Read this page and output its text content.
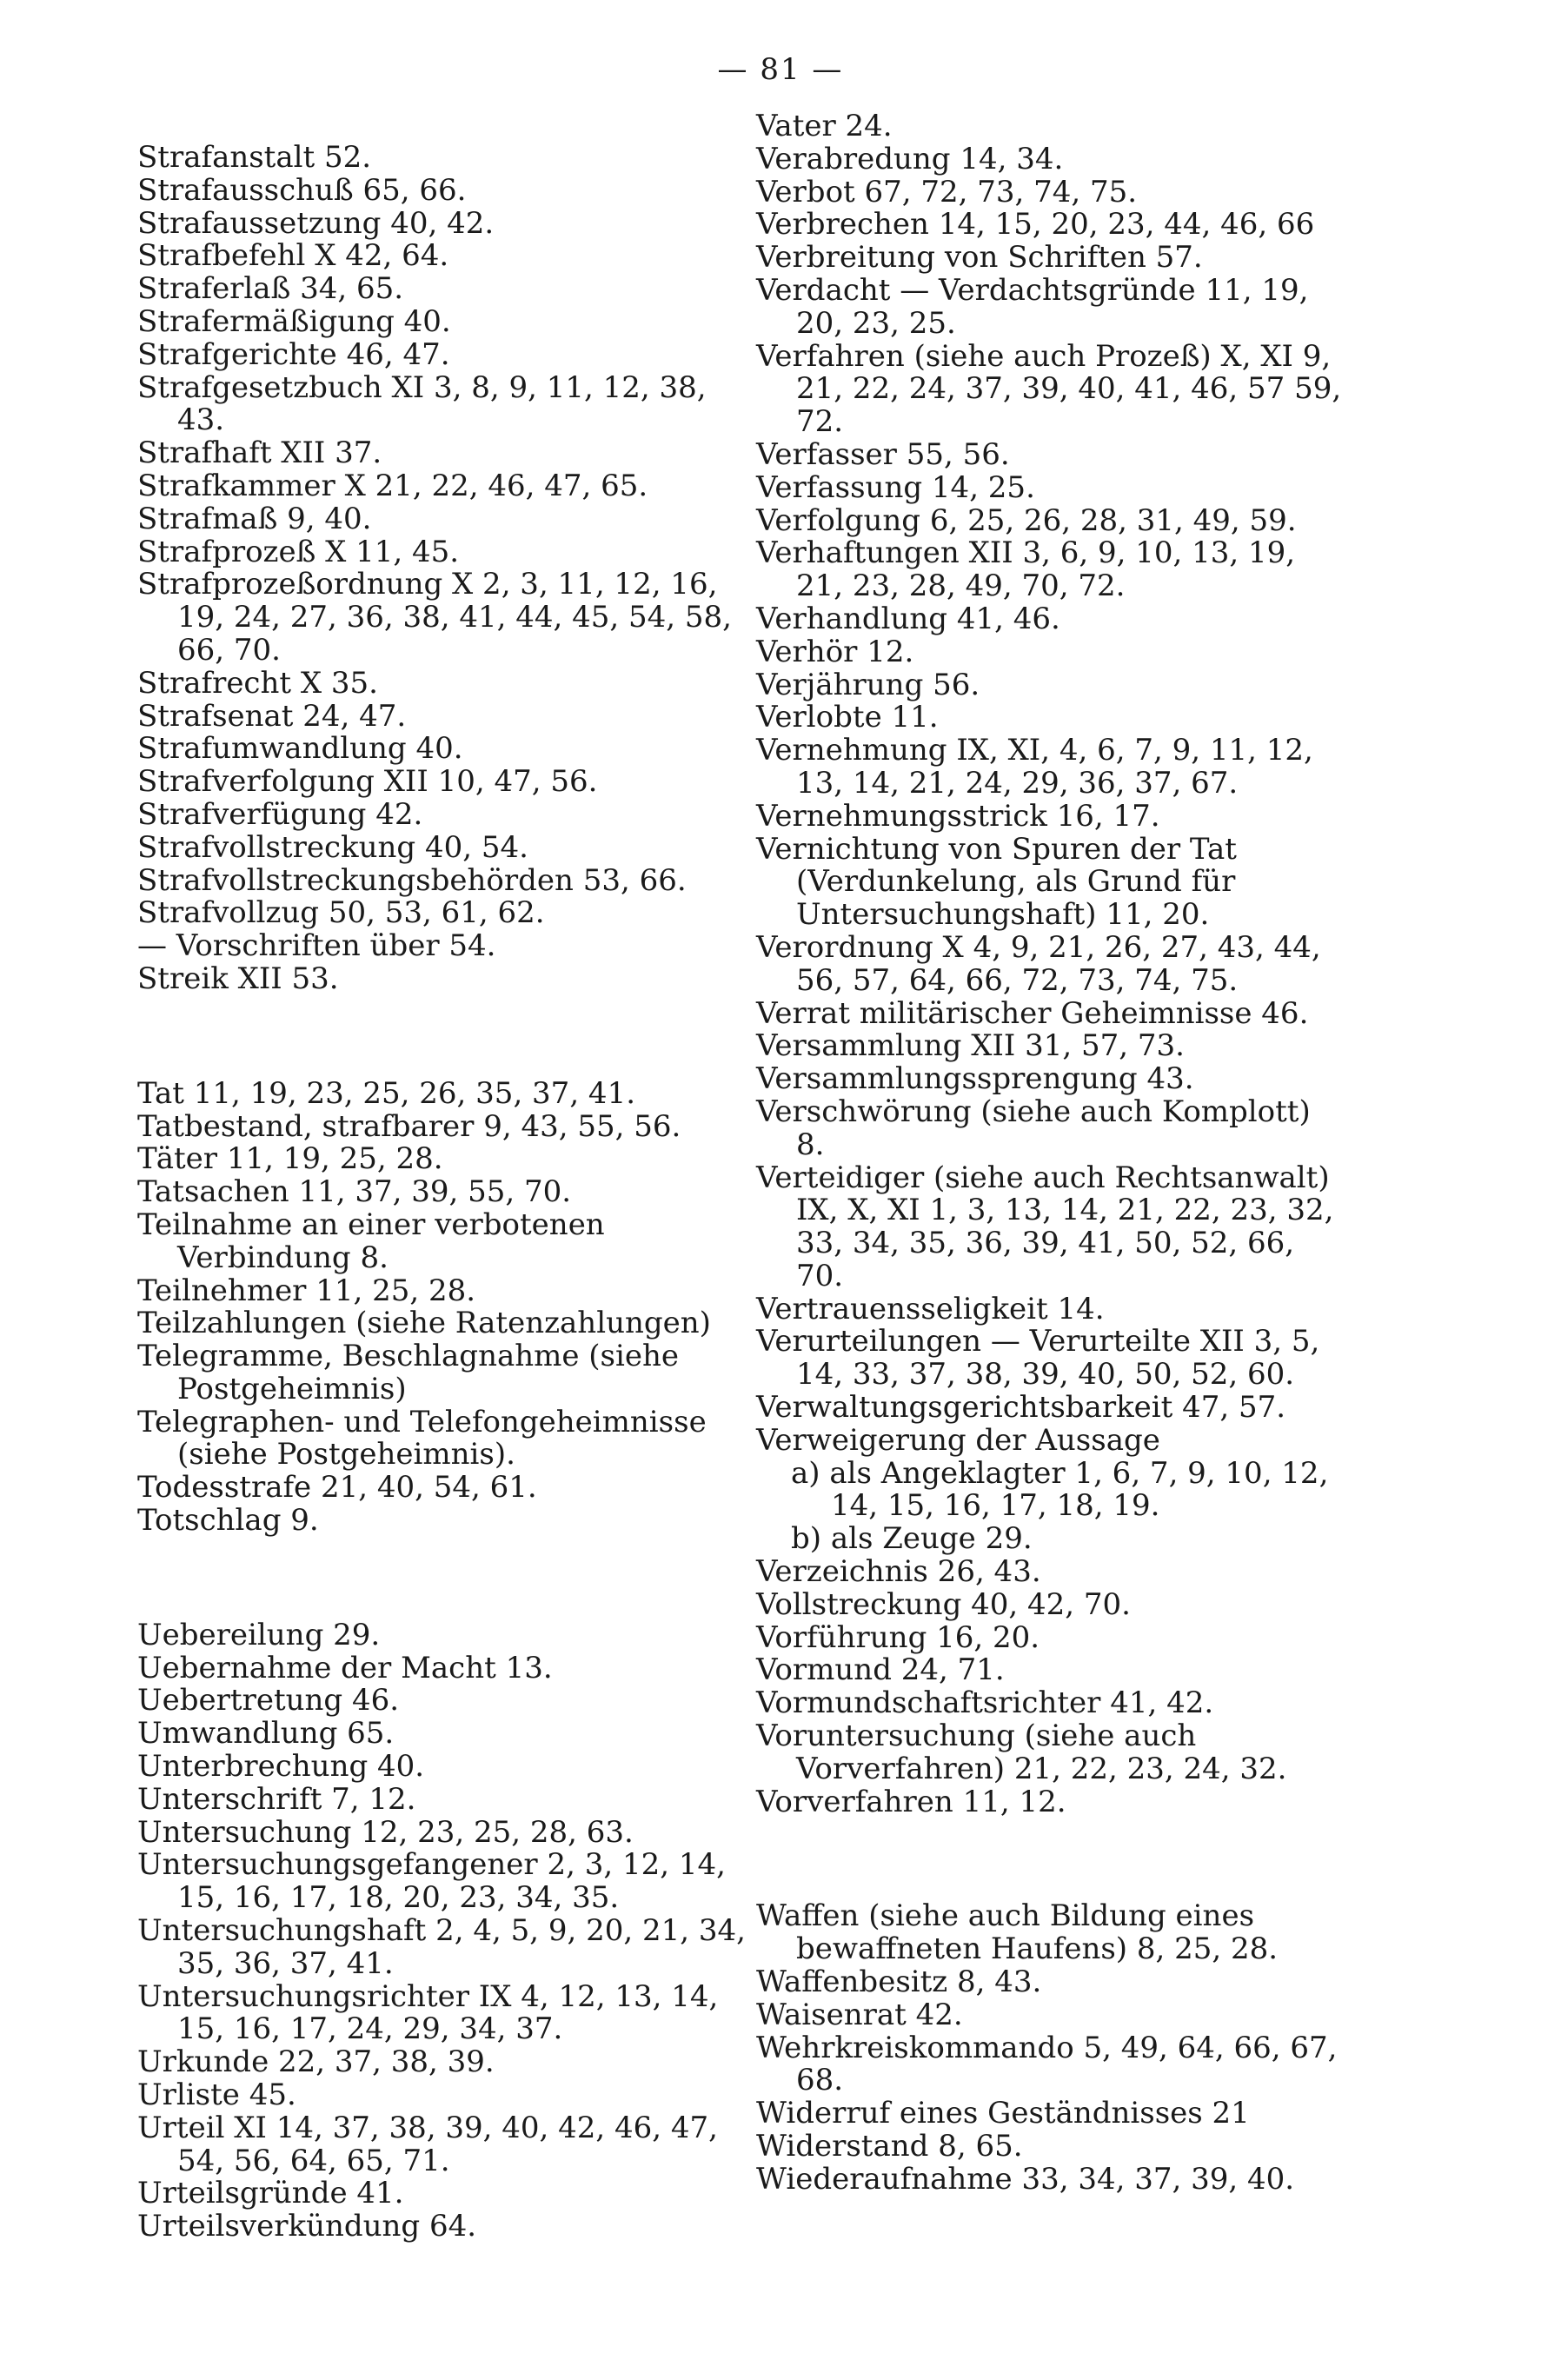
— 81 —
Strafanstalt 52.
Strafausschuß 65, 66.
Strafaussetzung 40, 42.
Strafbefehl X 42, 64.
Straferlaß 34, 65.
Strafermäßigung 40.
Strafgerichte 46, 47.
Strafgesetzbuch XI 3, 8, 9, 11, 12, 38, 43.
Strafhaft XII 37.
Strafkammer X 21, 22, 46, 47, 65.
Strafmaß 9, 40.
Strafprozeß X 11, 45.
Strafprozeßordnung X 2, 3, 11, 12, 16, 19, 24, 27, 36, 38, 41, 44, 45, 54, 58, 66, 70.
Strafrecht X 35.
Strafsenat 24, 47.
Strafumwandlung 40.
Strafverfolgung XII 10, 47, 56.
Strafverfügung 42.
Strafvollstreckung 40, 54.
Strafvollstreckungsbehörden 53, 66.
Strafvollzug 50, 53, 61, 62.
— Vorschriften über 54.
Streik XII 53.
Tat 11, 19, 23, 25, 26, 35, 37, 41.
Tatbestand, strafbarer 9, 43, 55, 56.
Täter 11, 19, 25, 28.
Tatsachen 11, 37, 39, 55, 70.
Teilnahme an einer verbotenen Verbindung 8.
Teilnehmer 11, 25, 28.
Teilzahlungen (siehe Ratenzahlungen)
Telegramme, Beschlagnahme (siehe Postgeheimnis)
Telegraphen- und Telefongeheimnisse (siehe Postgeheimnis).
Todesstrafe 21, 40, 54, 61.
Totschlag 9.
Uebereilung 29.
Uebernahme der Macht 13.
Uebertretung 46.
Umwandlung 65.
Unterbrechung 40.
Unterschrift 7, 12.
Untersuchung 12, 23, 25, 28, 63.
Untersuchungsgefangener 2, 3, 12, 14, 15, 16, 17, 18, 20, 23, 34, 35.
Untersuchungshaft 2, 4, 5, 9, 20, 21, 34, 35, 36, 37, 41.
Untersuchungsrichter IX 4, 12, 13, 14, 15, 16, 17, 24, 29, 34, 37.
Urkunde 22, 37, 38, 39.
Urliste 45.
Urteil XI 14, 37, 38, 39, 40, 42, 46, 47, 54, 56, 64, 65, 71.
Urteilsgründe 41.
Urteilsverkündung 64.
Vater 24.
Verabredung 14, 34.
Verbot 67, 72, 73, 74, 75.
Verbrechen 14, 15, 20, 23, 44, 46, 66
Verbreitung von Schriften 57.
Verdacht — Verdachtsgründe 11, 19, 20, 23, 25.
Verfahren (siehe auch Prozeß) X, XI 9, 21, 22, 24, 37, 39, 40, 41, 46, 57 59, 72.
Verfasser 55, 56.
Verfassung 14, 25.
Verfolgung 6, 25, 26, 28, 31, 49, 59.
Verhaftungen XII 3, 6, 9, 10, 13, 19, 21, 23, 28, 49, 70, 72.
Verhandlung 41, 46.
Verhör 12.
Verjährung 56.
Verlobte 11.
Vernehmung IX, XI, 4, 6, 7, 9, 11, 12, 13, 14, 21, 24, 29, 36, 37, 67.
Vernehmungsstrick 16, 17.
Vernichtung von Spuren der Tat (Verdunkelung, als Grund für Untersuchungshaft) 11, 20.
Verordnung X 4, 9, 21, 26, 27, 43, 44, 56, 57, 64, 66, 72, 73, 74, 75.
Verrat militärischer Geheimnisse 46.
Versammlung XII 31, 57, 73.
Versammlungssprengung 43.
Verschwörung (siehe auch Komplott) 8.
Verteidiger (siehe auch Rechtsanwalt) IX, X, XI 1, 3, 13, 14, 21, 22, 23, 32, 33, 34, 35, 36, 39, 41, 50, 52, 66, 70.
Vertrauensseligkeit 14.
Verurteilungen — Verurteilte XII 3, 5, 14, 33, 37, 38, 39, 40, 50, 52, 60.
Verwaltungsgerichtsbarkeit 47, 57.
Verweigerung der Aussage
a) als Angeklagter 1, 6, 7, 9, 10, 12, 14, 15, 16, 17, 18, 19.
b) als Zeuge 29.
Verzeichnis 26, 43.
Vollstreckung 40, 42, 70.
Vorführung 16, 20.
Vormund 24, 71.
Vormundschaftsrichter 41, 42.
Voruntersuchung (siehe auch Vorverfahren) 21, 22, 23, 24, 32.
Vorverfahren 11, 12.
Waffen (siehe auch Bildung eines bewaffneten Haufens) 8, 25, 28.
Waffenbesitz 8, 43.
Waisenrat 42.
Wehrkreiskommando 5, 49, 64, 66, 67, 68.
Widerruf eines Geständnisses 21
Widerstand 8, 65.
Wiederaufnahme 33, 34, 37, 39, 40.
